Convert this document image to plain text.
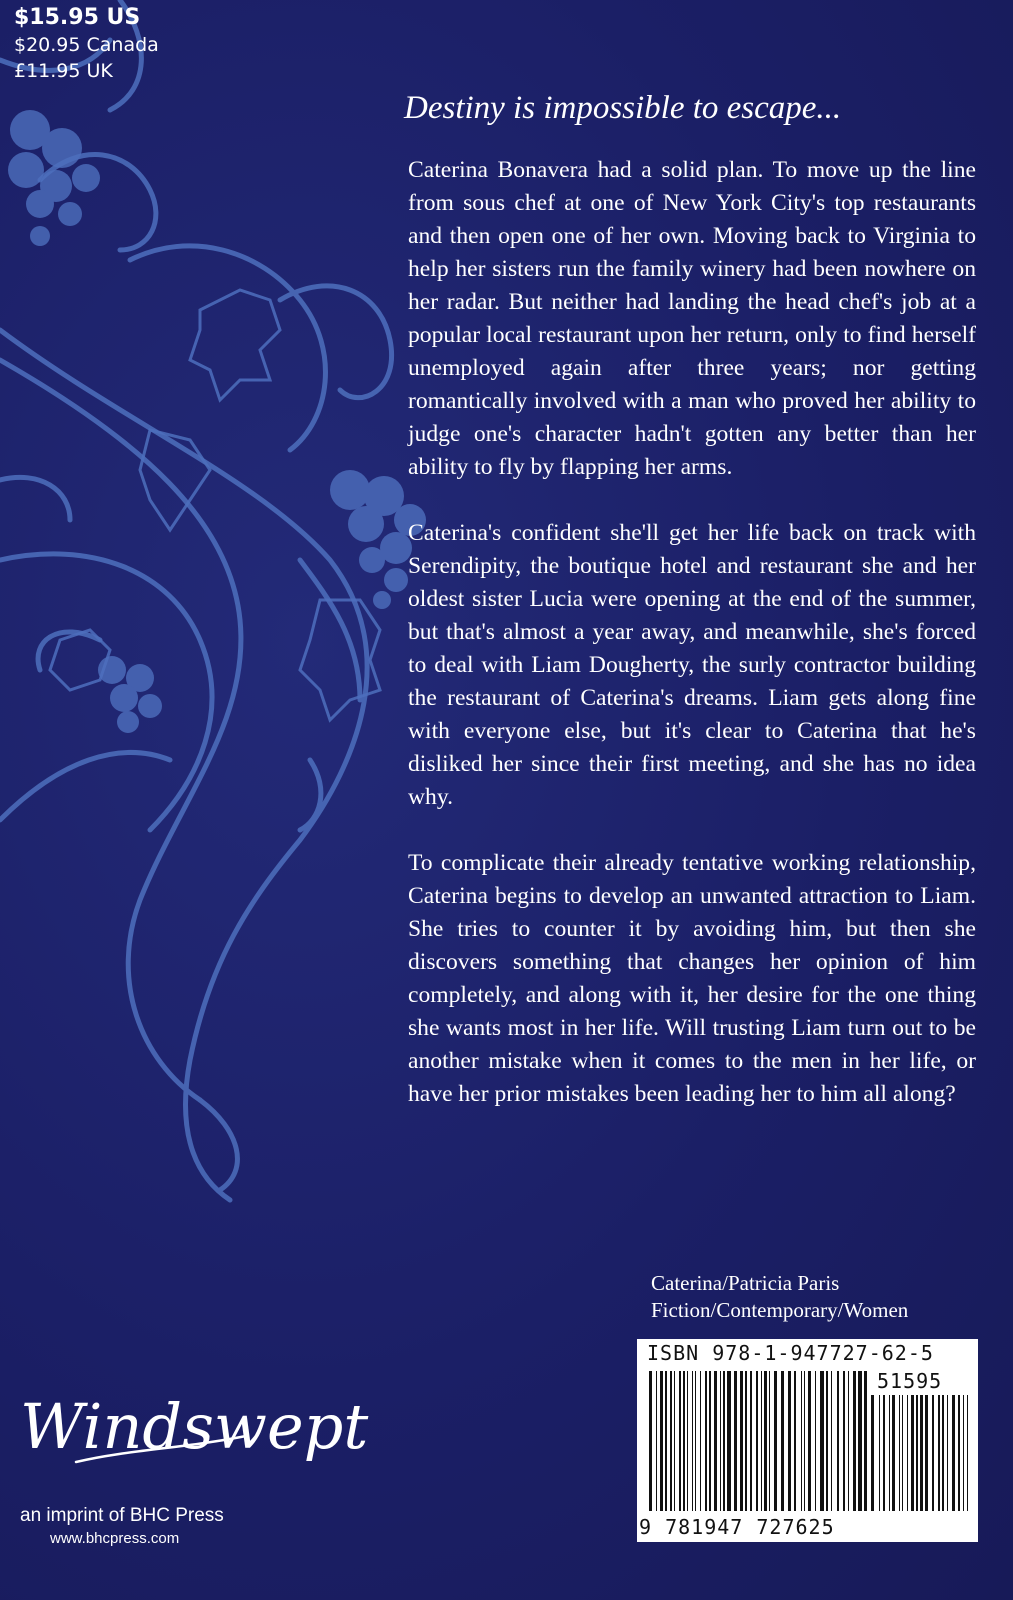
$15.95 US
$20.95 Canada
£11.95 UK
Destiny is impossible to escape...

Caterina Bonavera had a solid plan. To move up the line from sous chef at one of New York City's top restaurants and then open one of her own. Moving back to Virginia to help her sisters run the family winery had been nowhere on her radar. But neither had landing the head chef's job at a popular local restaurant upon her return, only to find herself unemployed again after three years; nor getting romantically involved with a man who proved her ability to judge one's character hadn't gotten any better than her ability to fly by flapping her arms.

Caterina's confident she'll get her life back on track with Serendipity, the boutique hotel and restaurant she and her oldest sister Lucia were opening at the end of the summer, but that's almost a year away, and meanwhile, she's forced to deal with Liam Dougherty, the surly contractor building the restaurant of Caterina's dreams. Liam gets along fine with everyone else, but it's clear to Caterina that he's disliked her since their first meeting, and she has no idea why.

To complicate their already tentative working relationship, Caterina begins to develop an unwanted attraction to Liam. She tries to counter it by avoiding him, but then she discovers something that changes her opinion of him completely, and along with it, her desire for the one thing she wants most in her life. Will trusting Liam turn out to be another mistake when it comes to the men in her life, or have her prior mistakes been leading her to him all along?

Caterina/Patricia Paris
Fiction/Contemporary/Women
ISBN 978-1-947727-62-5
51595
9 781947 727625
Windswept
an imprint of BHC Press
www.bhcpress.com
